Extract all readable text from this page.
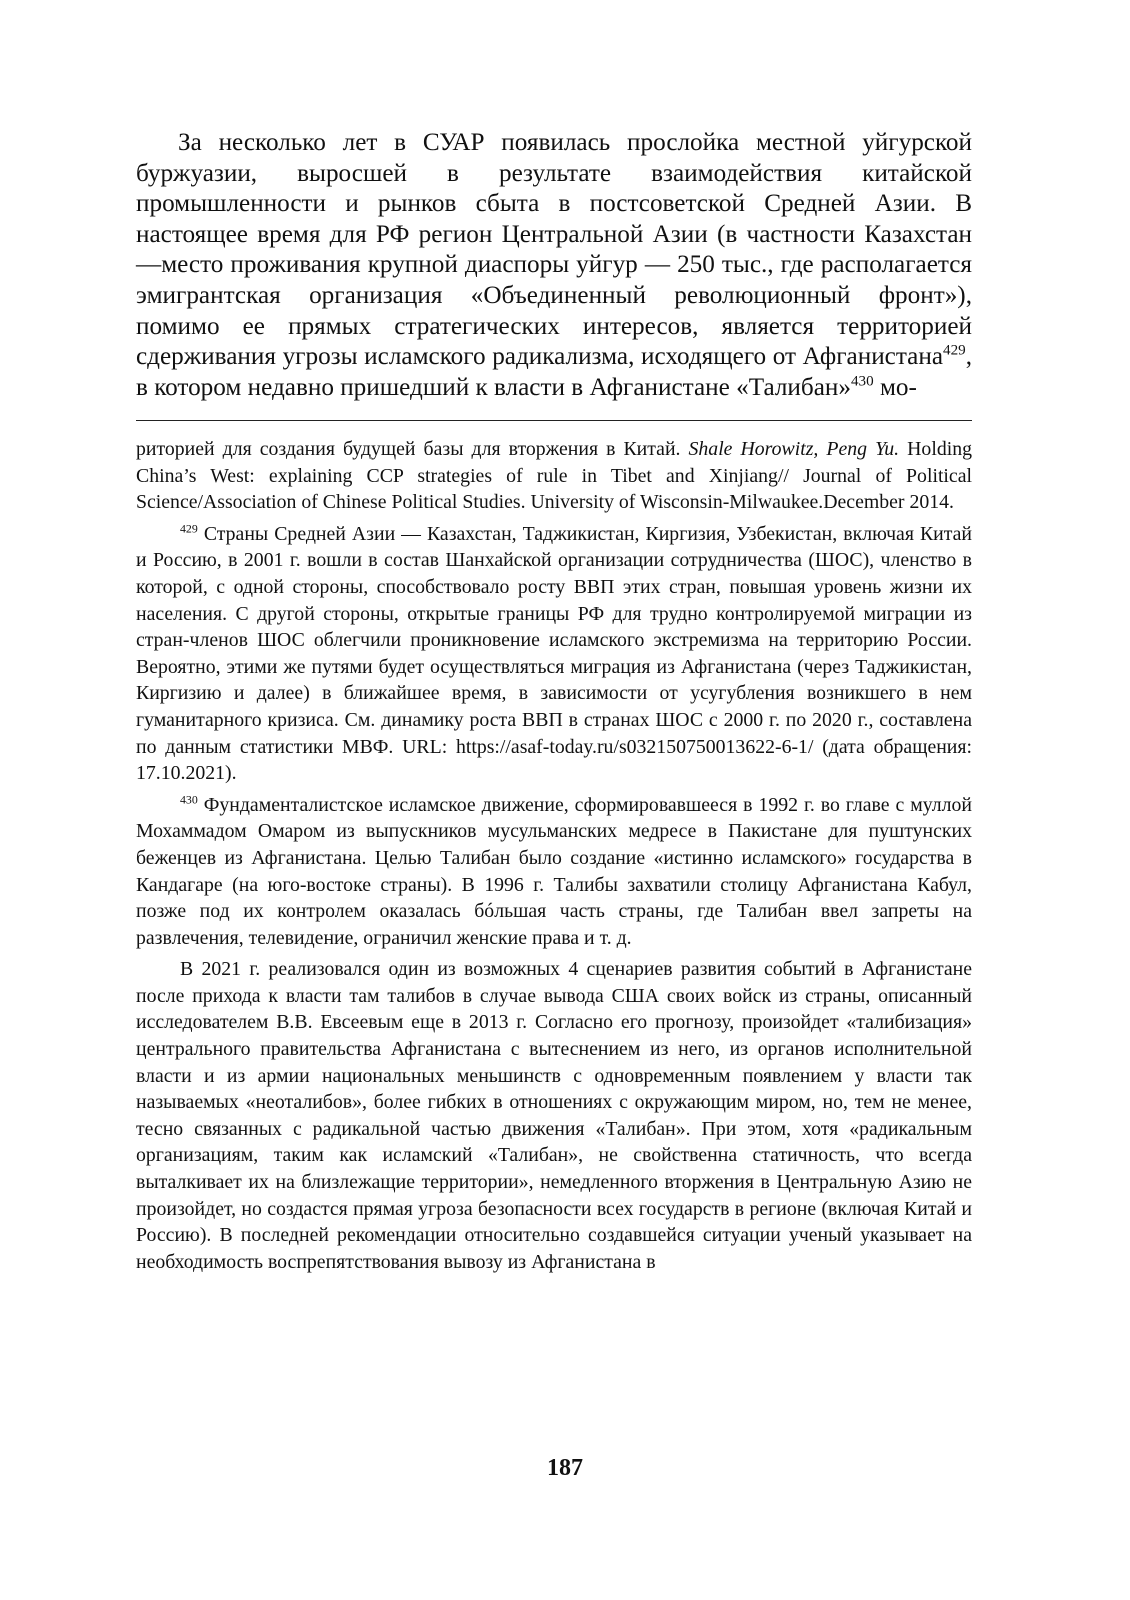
За несколько лет в СУАР появилась прослойка местной уйгурской буржуазии, выросшей в результате взаимодействия китайской промышленности и рынков сбыта в постсоветской Средней Азии. В настоящее время для РФ регион Центральной Азии (в частности Казахстан —место проживания крупной диаспоры уйгур — 250 тыс., где располагается эмигрантская организация «Объединенный революционный фронт»), помимо ее прямых стратегических интересов, является территорией сдерживания угрозы исламского радикализма, исходящего от Афганистана$^{429}$, в котором недавно пришедший к власти в Афганистане «Талибан»$^{430}$ мо-

риторией для создания будущей базы для вторжения в Китай. Shale Horowitz, Peng Yu. Holding China’s West: explaining CCP strategies of rule in Tibet and Xinjiang// Journal of Political Science/Association of Chinese Political Studies. University of Wisconsin-Milwaukee.December 2014.

$^{429}$ Страны Средней Азии — Казахстан, Таджикистан, Киргизия, Узбекистан, включая Китай и Россию, в 2001 г. вошли в состав Шанхайской организации сотрудничества (ШОС), членство в которой, с одной стороны, способствовало росту ВВП этих стран, повышая уровень жизни их населения. С другой стороны, открытые границы РФ для трудно контролируемой миграции из стран-членов ШОС облегчили проникновение исламского экстремизма на территорию России. Вероятно, этими же путями будет осуществляться миграция из Афганистана (через Таджикистан, Киргизию и далее) в ближайшее время, в зависимости от усугубления возникшего в нем гуманитарного кризиса. См. динамику роста ВВП в странах ШОС с 2000 г. по 2020 г., составлена по данным статистики МВФ. URL: https://asaf-today.ru/s032150750013622-6-1/ (дата обращения: 17.10.2021).

$^{430}$ Фундаменталистское исламское движение, сформировавшееся в 1992 г. во главе с муллой Мохаммадом Омаром из выпускников мусульманских медресе в Пакистане для пуштунских беженцев из Афганистана. Целью Талибан было создание «истинно исламского» государства в Кандагаре (на юго-востоке страны). В 1996 г. Талибы захватили столицу Афганистана Кабул, позже под их контролем оказалась бóльшая часть страны, где Талибан ввел запреты на развлечения, телевидение, ограничил женские права и т. д.

В 2021 г. реализовался один из возможных 4 сценариев развития событий в Афганистане после прихода к власти там талибов в случае вывода США своих войск из страны, описанный исследователем В.В. Евсеевым еще в 2013 г. Согласно его прогнозу, произойдет «талибизация» центрального правительства Афганистана с вытеснением из него, из органов исполнительной власти и из армии национальных меньшинств с одновременным появлением у власти так называемых «неоталибов», более гибких в отношениях с окружающим миром, но, тем не менее, тесно связанных с радикальной частью движения «Талибан». При этом, хотя «радикальным организациям, таким как исламский «Талибан», не свойственна статичность, что всегда выталкивает их на близлежащие территории», немедленного вторжения в Центральную Азию не произойдет, но создастся прямая угроза безопасности всех государств в регионе (включая Китай и Россию). В последней рекомендации относительно создавшейся ситуации ученый указывает на необходимость воспрепятствования вывозу из Афганистана в

187
